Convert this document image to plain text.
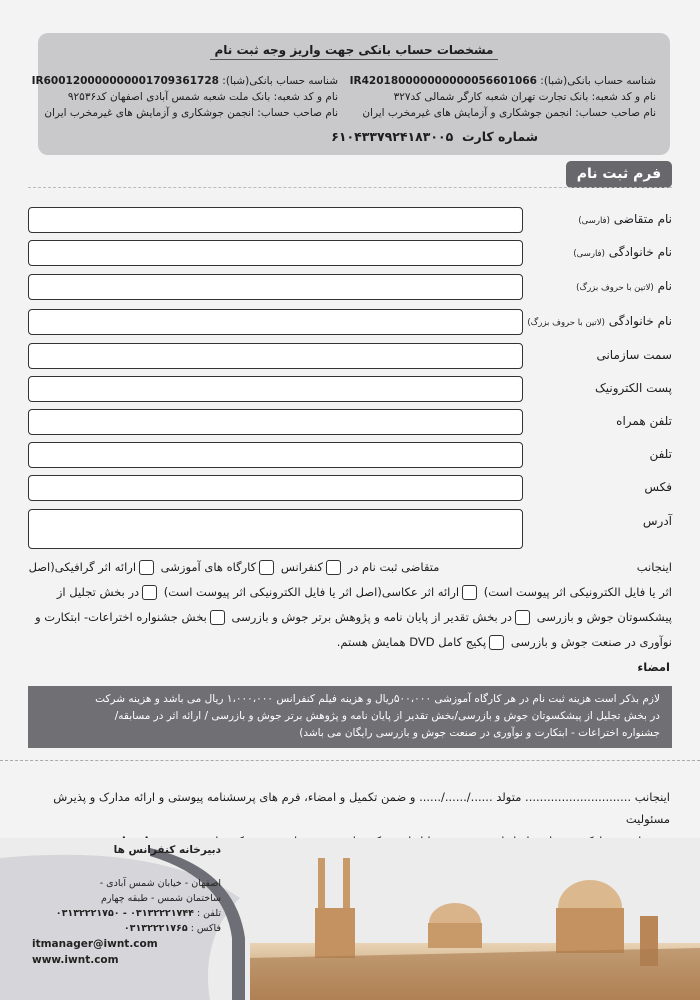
مشخصات حساب بانکی جهت واریز وجه ثبت نام
شناسه حساب بانکی(شبا): IR420180000000000056601066
نام و کد شعبه: بانک تجارت تهران شعبه کارگر شمالی کد۳۲۷
نام صاحب حساب: انجمن جوشکاری و آزمایش های غیرمخرب ایران
شناسه حساب بانکی(شبا): IR600120000000001709361728
نام و کد شعبه: بانک ملت شعبه شمس آبادی اصفهان کد۹۲۵۳۶
نام صاحب حساب: انجمن جوشکاری و آزمایش های غیرمخرب ایران
شماره کارت  ۶۱۰۴۳۳۷۹۲۴۱۸۳۰۰۵
فرم ثبت نام
نام متقاضی (فارسی)
نام خانوادگی (فارسی)
نام (لاتین با حروف بزرگ)
نام خانوادگی (لاتین با حروف بزرگ)
سمت سازمانی
پست الکترونیک
تلفن همراه
تلفن
فکس
آدرس
اینجانب  متقاضی ثبت نام در کنفرانس کارگاه های آموزشی ارائه اثر گرافیکی(اصل اثر یا فایل الکترونیکی اثر پیوست است) ارائه اثر عکاسی(اصل اثر یا فایل الکترونیکی اثر پیوست است) در بخش تجلیل از پیشکسوتان جوش و بازرسی در بخش تقدیر از پایان نامه و پژوهش برتر جوش و بازرسی بخش جشنواره اختراعات- ابتکارت و نوآوری در صنعت جوش و بازرسی پکیج کامل DVD همایش هستم.
امضاء
لازم بذکر است هزینه ثبت نام در هر کارگاه آموزشی ۵۰۰،۰۰۰ریال و هزینه فیلم کنفرانس ۱،۰۰۰،۰۰۰ ریال می باشد و هزینه شرکت
در بخش تجلیل از پیشکسوتان جوش و بازرسی/بخش تقدیر از پایان نامه و پژوهش برتر جوش و بازرسی / ارائه اثر در مسابقه/
جشنواره اختراعات - ابتکارت و نوآوری در صنعت جوش و بازرسی رایگان می باشد)
اینجانب ............................. متولد ....../....../...... و ضمن تکمیل و امضاء، فرم های پرسشنامه پیوستی و ارائه مدارک و پذیرش مسئولیت

دبیرخانه کنفرانس ها
اصفهان - خیابان شمس آبادی -
ساختمان شمس - طبقه چهارم
تلفن : ۰۳۱۳۲۲۲۱۷۵۰ - ۰۳۱۳۲۲۲۱۷۴۴
فاکس : ۰۳۱۳۲۲۲۱۷۶۵
itmanager@iwnt.com
www.iwnt.com
